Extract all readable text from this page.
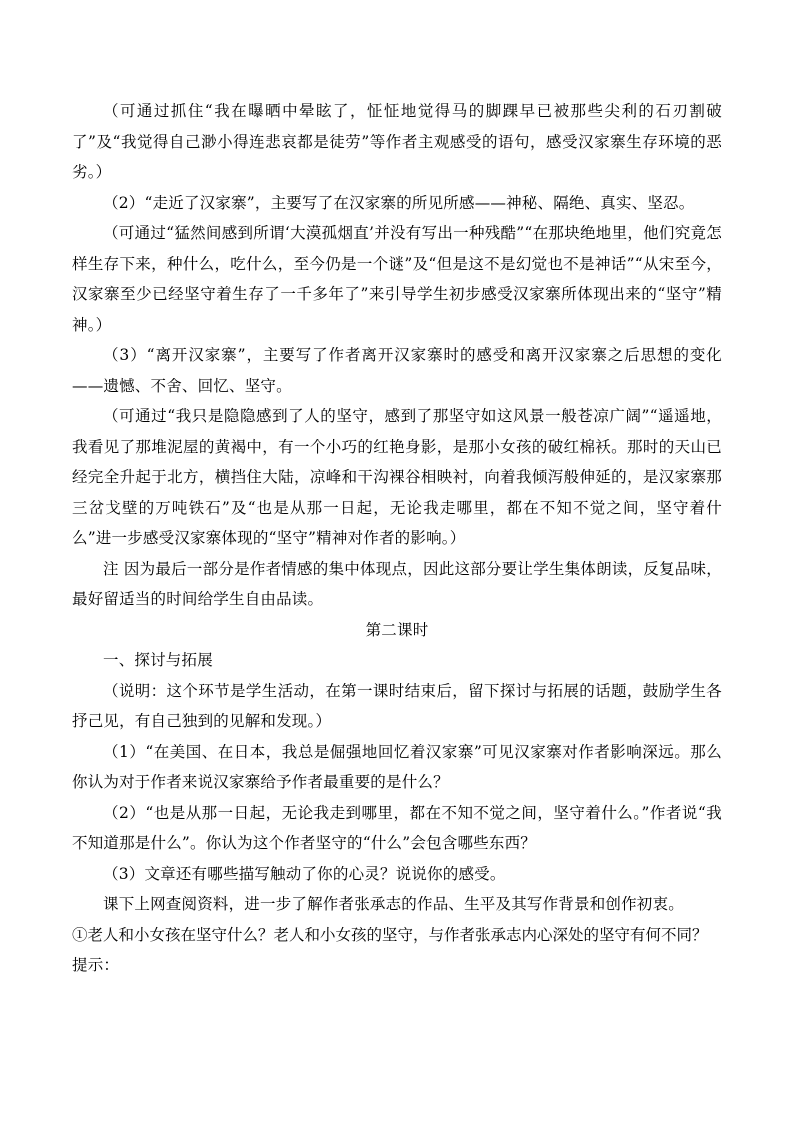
（可通过抓住“我在曝晒中晕眩了，怔怔地觉得马的脚踝早已被那些尖利的石刃割破了”及“我觉得自己渺小得连悲哀都是徒劳”等作者主观感受的语句，感受汉家寨生存环境的恶劣。）

（2）“走近了汉家寨”，主要写了在汉家寨的所见所感——神秘、隔绝、真实、坚忍。

（可通过“猛然间感到所谓‘大漠孤烟直’并没有写出一种残酷”“在那块绝地里，他们究竟怎样生存下来，种什么，吃什么，至今仍是一个谜”及“但是这不是幻觉也不是神话”“从宋至今，汉家寨至少已经坚守着生存了一千多年了”来引导学生初步感受汉家寨所体现出来的“坚守”精神。）

（3）“离开汉家寨”，主要写了作者离开汉家寨时的感受和离开汉家寨之后思想的变化——遗憾、不舍、回忆、坚守。

（可通过“我只是隐隐感到了人的坚守，感到了那坚守如这风景一般苍凉广阔”“遥遥地，我看见了那堆泥屋的黄褐中，有一个小巧的红艳身影，是那小女孩的破红棉袄。那时的天山已经完全升起于北方，横挡住大陆，凉峰和干沟裸谷相映衬，向着我倾泻般伸延的，是汉家寨那三岔戈壁的万吨铁石”及“也是从那一日起，无论我走哪里，都在不知不觉之间，坚守着什么”进一步感受汉家寨体现的“坚守”精神对作者的影响。）

注 因为最后一部分是作者情感的集中体现点，因此这部分要让学生集体朗读，反复品味，最好留适当的时间给学生自由品读。

第二课时

一、探讨与拓展

（说明：这个环节是学生活动，在第一课时结束后，留下探讨与拓展的话题，鼓励学生各抒己见，有自己独到的见解和发现。）

（1）“在美国、在日本，我总是倔强地回忆着汉家寨”可见汉家寨对作者影响深远。那么你认为对于作者来说汉家寨给予作者最重要的是什么？

（2）“也是从那一日起，无论我走到哪里，都在不知不觉之间，坚守着什么。”作者说“我不知道那是什么”。你认为这个作者坚守的“什么”会包含哪些东西？

（3）文章还有哪些描写触动了你的心灵？说说你的感受。

课下上网查阅资料，进一步了解作者张承志的作品、生平及其写作背景和创作初衷。

①老人和小女孩在坚守什么？老人和小女孩的坚守，与作者张承志内心深处的坚守有何不同？

提示：
